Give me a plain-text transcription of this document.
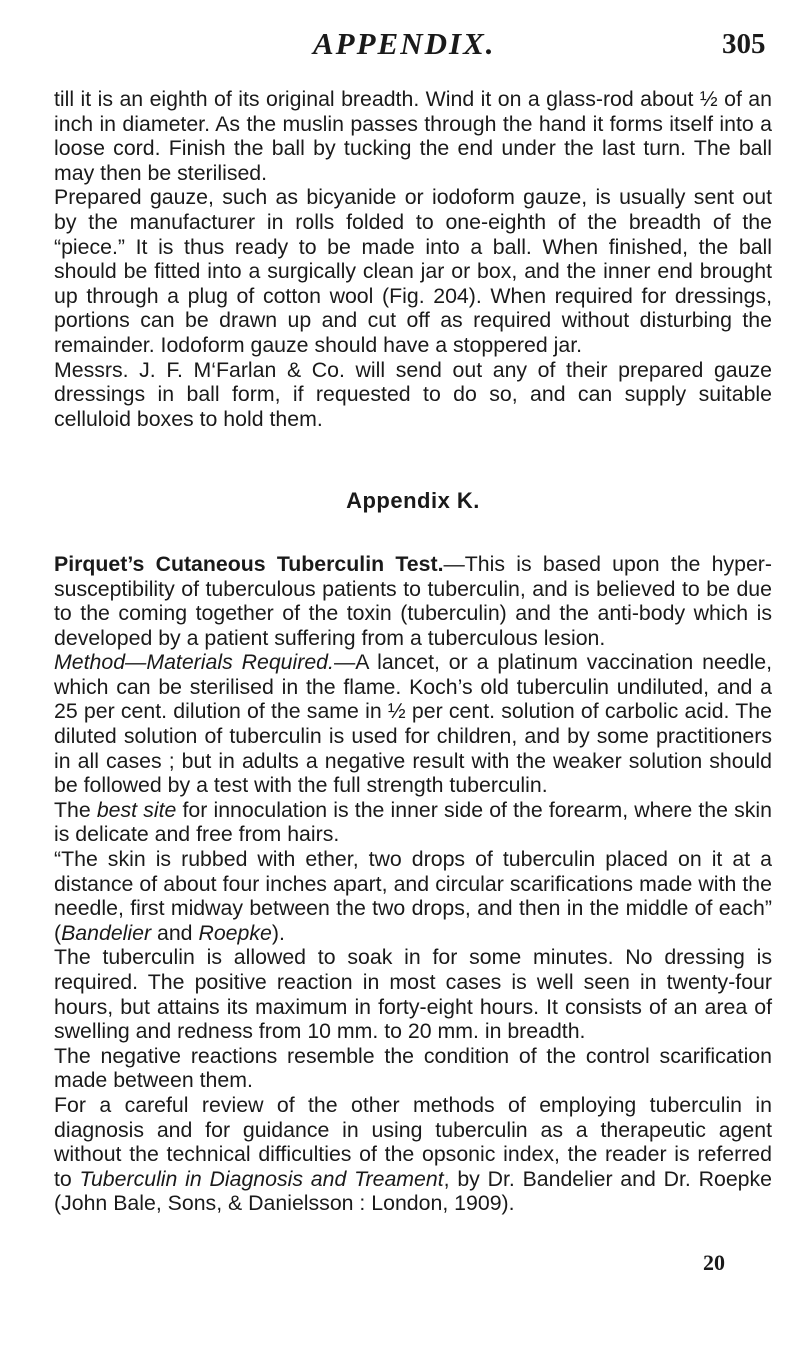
APPENDIX.	305

till it is an eighth of its original breadth. Wind it on a glass-rod about ½ of an inch in diameter. As the muslin passes through the hand it forms itself into a loose cord. Finish the ball by tucking the end under the last turn. The ball may then be sterilised.

Prepared gauze, such as bicyanide or iodoform gauze, is usually sent out by the manufacturer in rolls folded to one-eighth of the breadth of the “piece.” It is thus ready to be made into a ball. When finished, the ball should be fitted into a surgically clean jar or box, and the inner end brought up through a plug of cotton wool (Fig. 204). When required for dressings, portions can be drawn up and cut off as required without disturbing the remainder. Iodoform gauze should have a stoppered jar.

Messrs. J. F. M‘Farlan & Co. will send out any of their prepared gauze dressings in ball form, if requested to do so, and can supply suitable celluloid boxes to hold them.

Appendix K.

Pirquet’s Cutaneous Tuberculin Test.—This is based upon the hyper-susceptibility of tuberculous patients to tuberculin, and is believed to be due to the coming together of the toxin (tuberculin) and the anti-body which is developed by a patient suffering from a tuberculous lesion.

Method—Materials Required.—A lancet, or a platinum vaccination needle, which can be sterilised in the flame. Koch’s old tuberculin undiluted, and a 25 per cent. dilution of the same in ½ per cent. solution of carbolic acid. The diluted solution of tuberculin is used for children, and by some practitioners in all cases ; but in adults a negative result with the weaker solution should be followed by a test with the full strength tuberculin.

The best site for innoculation is the inner side of the forearm, where the skin is delicate and free from hairs.

“The skin is rubbed with ether, two drops of tuberculin placed on it at a distance of about four inches apart, and circular scarifications made with the needle, first midway between the two drops, and then in the middle of each” (Bandelier and Roepke).

The tuberculin is allowed to soak in for some minutes. No dressing is required. The positive reaction in most cases is well seen in twenty-four hours, but attains its maximum in forty-eight hours. It consists of an area of swelling and redness from 10 mm. to 20 mm. in breadth.

The negative reactions resemble the condition of the control scarification made between them.

For a careful review of the other methods of employing tuberculin in diagnosis and for guidance in using tuberculin as a therapeutic agent without the technical difficulties of the opsonic index, the reader is referred to Tuberculin in Diagnosis and Treament, by Dr. Bandelier and Dr. Roepke (John Bale, Sons, & Danielsson : London, 1909).

20
